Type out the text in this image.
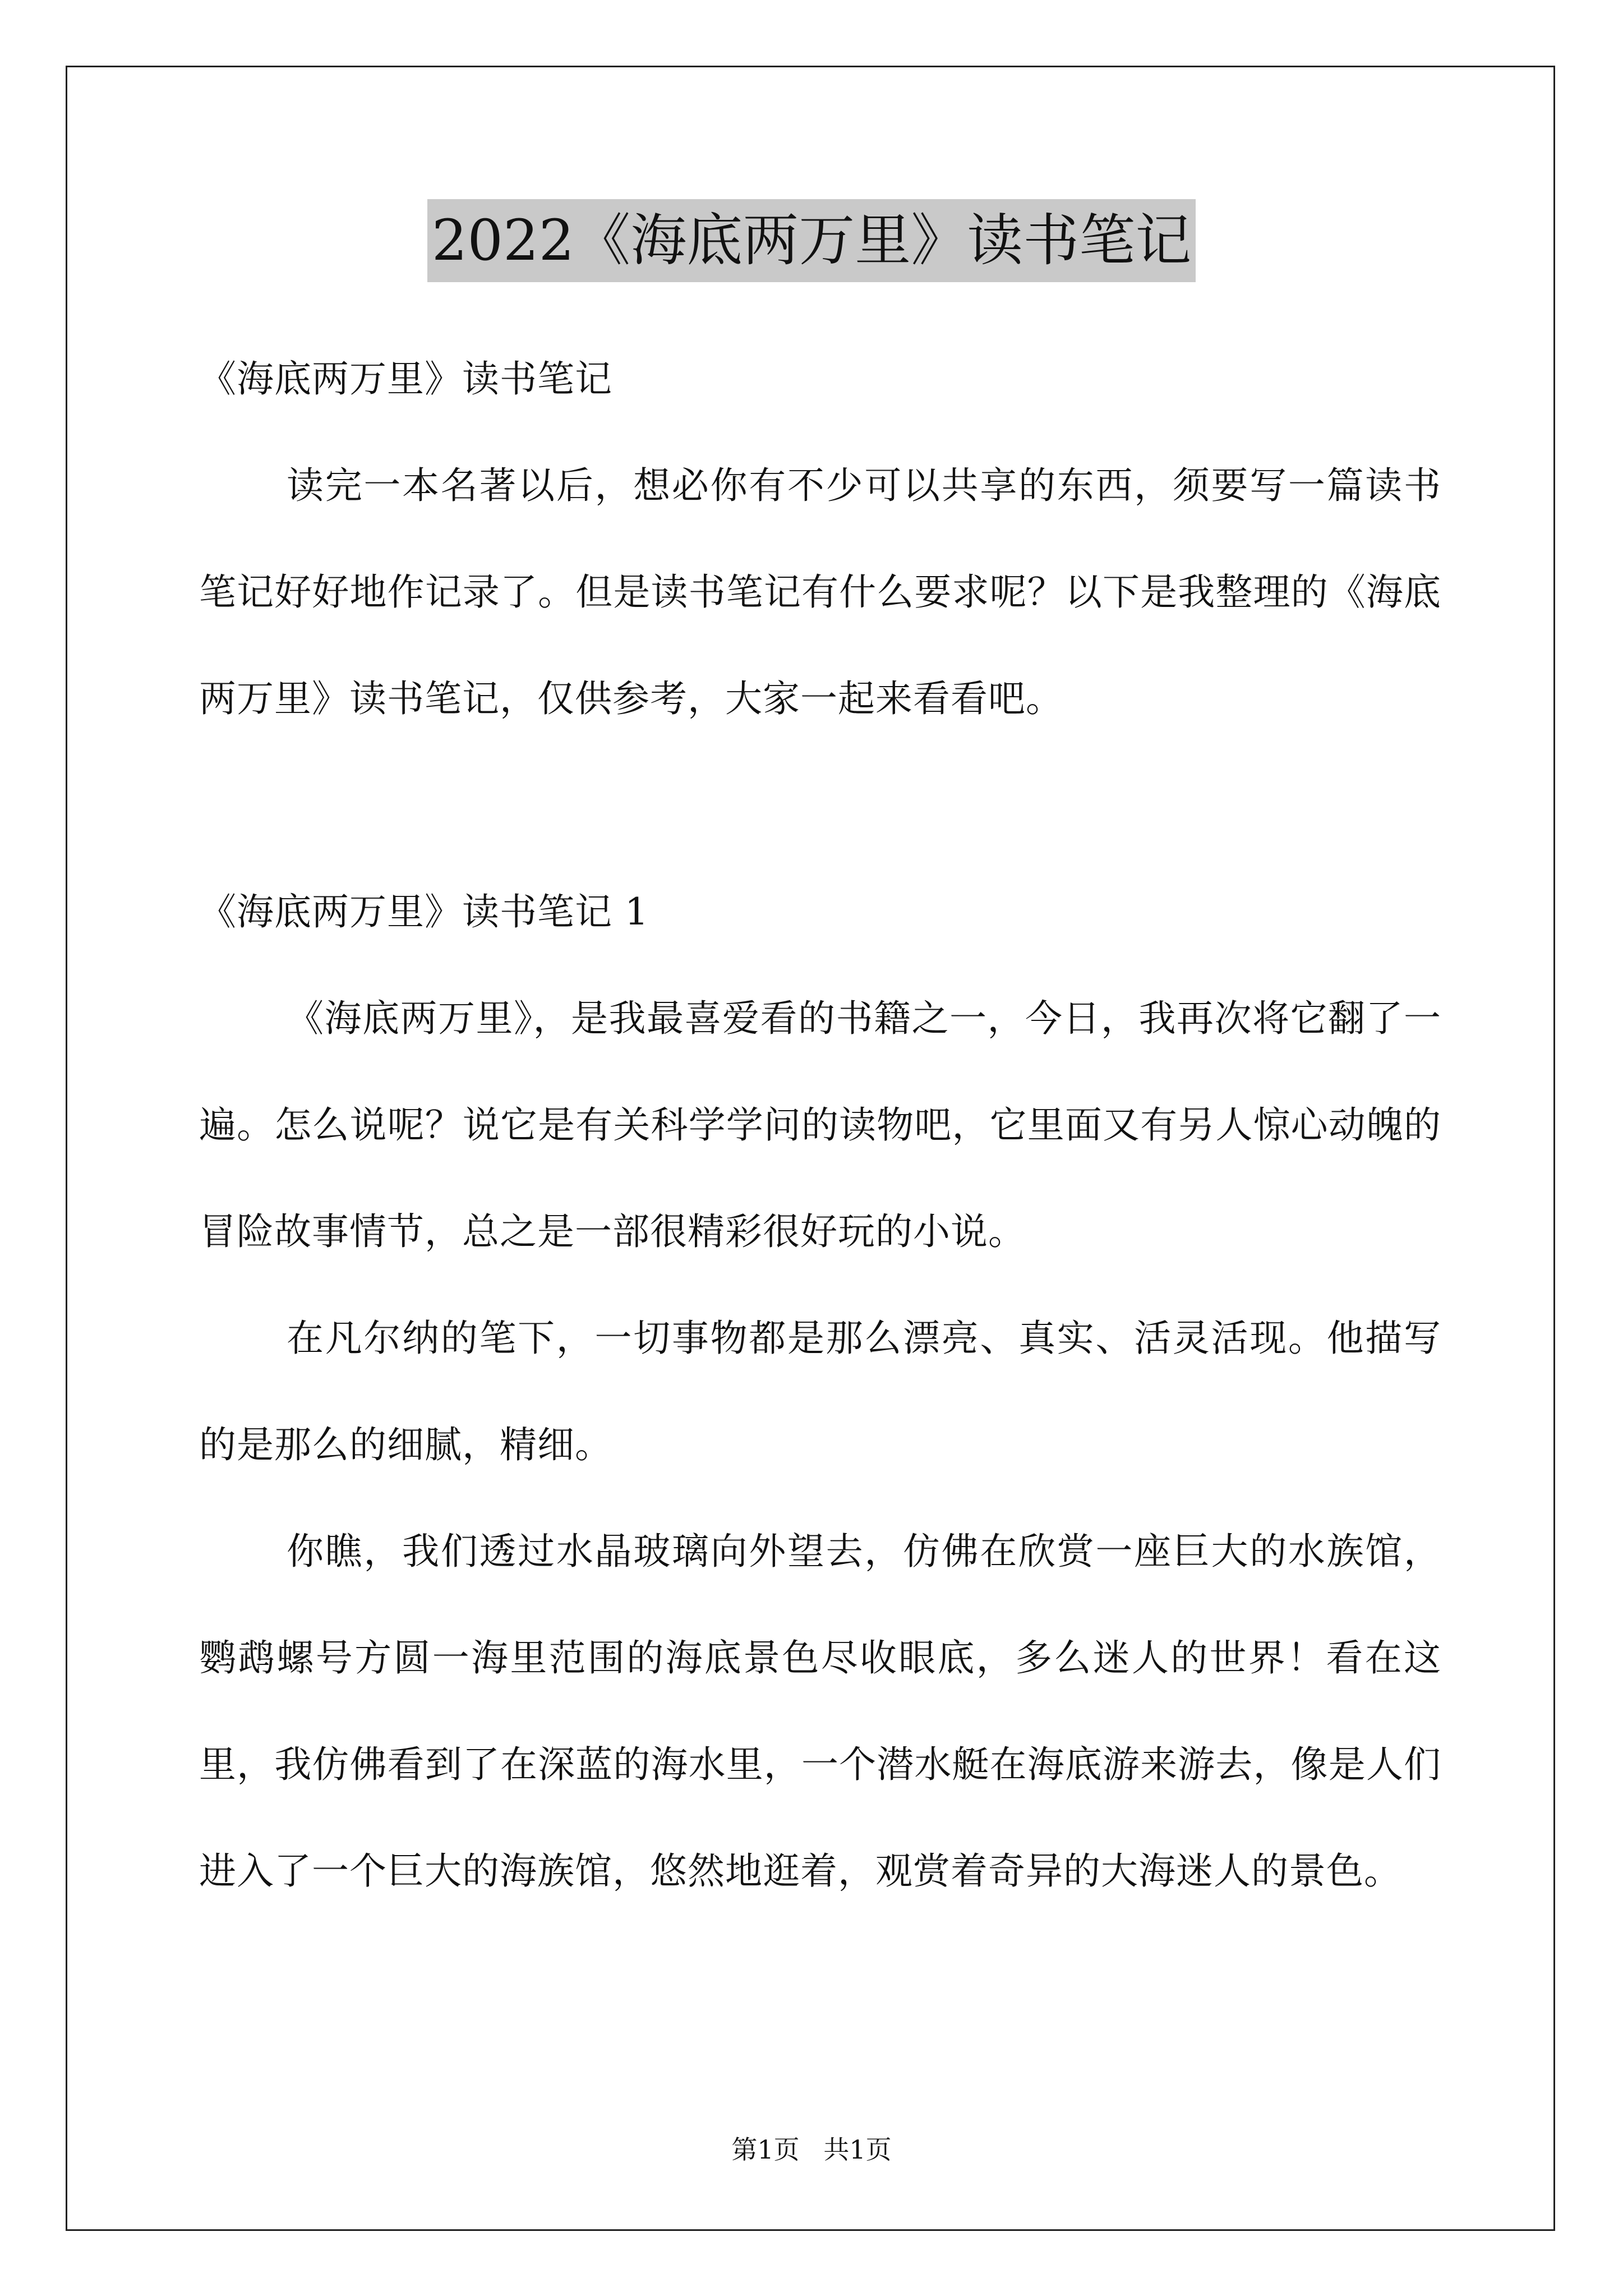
2022《海底两万里》读书笔记

《海底两万里》读书笔记

读完一本名著以后，想必你有不少可以共享的东西，须要写一篇读书笔记好好地作记录了。但是读书笔记有什么要求呢？以下是我整理的《海底两万里》读书笔记，仅供参考，大家一起来看看吧。

《海底两万里》读书笔记 1

《海底两万里》，是我最喜爱看的书籍之一，今日，我再次将它翻了一遍。怎么说呢？说它是有关科学学问的读物吧，它里面又有另人惊心动魄的冒险故事情节，总之是一部很精彩很好玩的小说。

在凡尔纳的笔下，一切事物都是那么漂亮、真实、活灵活现。他描写的是那么的细腻，精细。

你瞧，我们透过水晶玻璃向外望去，仿佛在欣赏一座巨大的水族馆，鹦鹉螺号方圆一海里范围的海底景色尽收眼底，多么迷人的世界！看在这里，我仿佛看到了在深蓝的海水里，一个潜水艇在海底游来游去，像是人们进入了一个巨大的海族馆，悠然地逛着，观赏着奇异的大海迷人的景色。

第1页 共1页
